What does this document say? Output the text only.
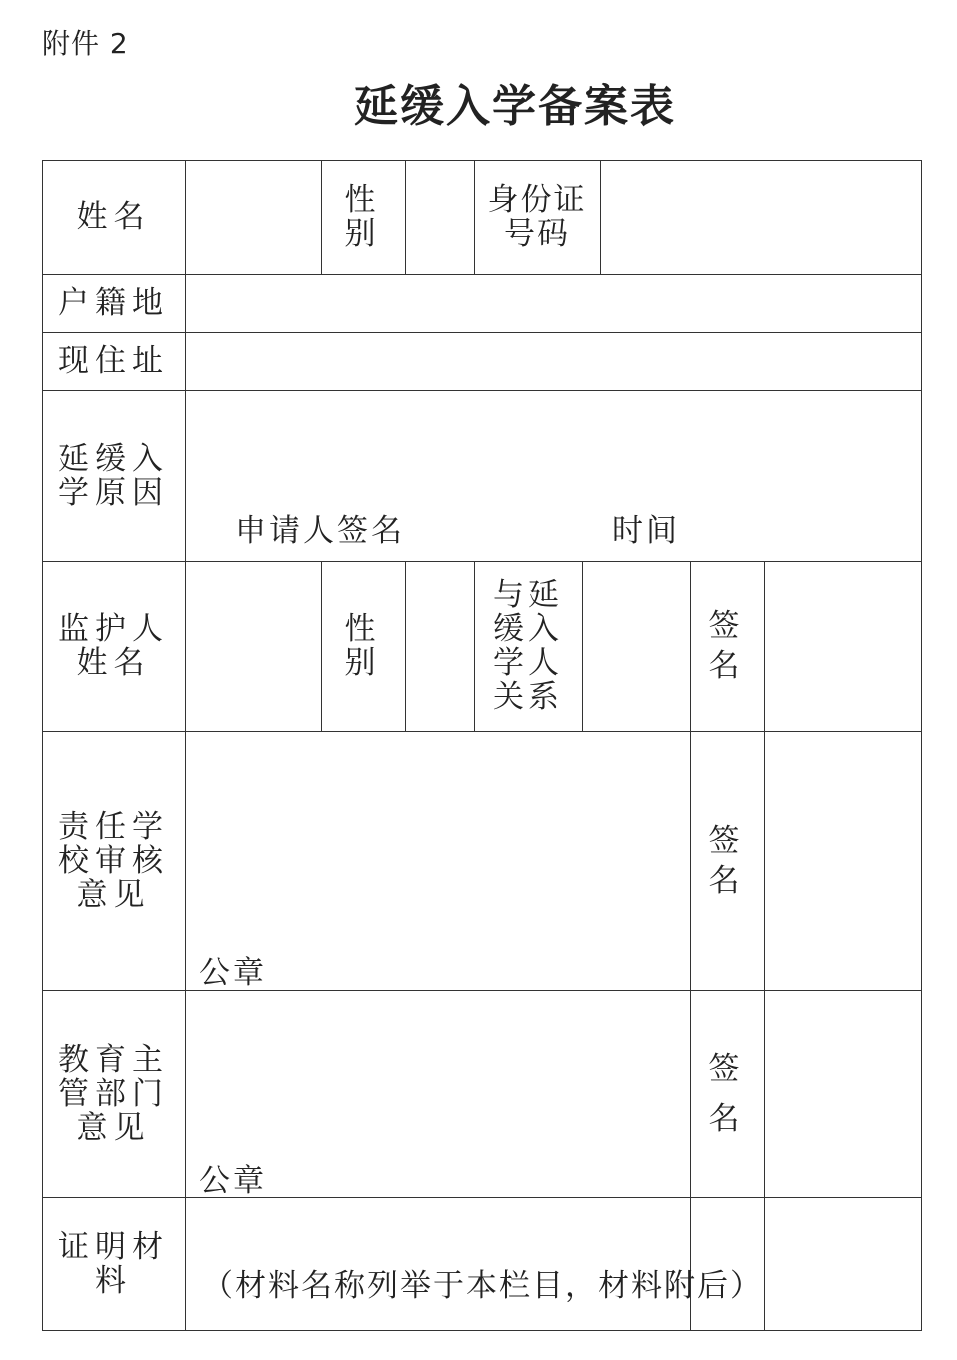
附件 2
延缓入学备案表
姓名	性
别
身份证
号码
户籍地
现住址
延缓入
学原因
申请人签名	时间
监护人
姓名
性
别
与延
缓入
学人
关系
签
名
责任学
校审核
意见
公章
签
名
教育主
管部门
意见
公章
签
名
证明材
料 （材料名称列举于本栏目，材料附后）
